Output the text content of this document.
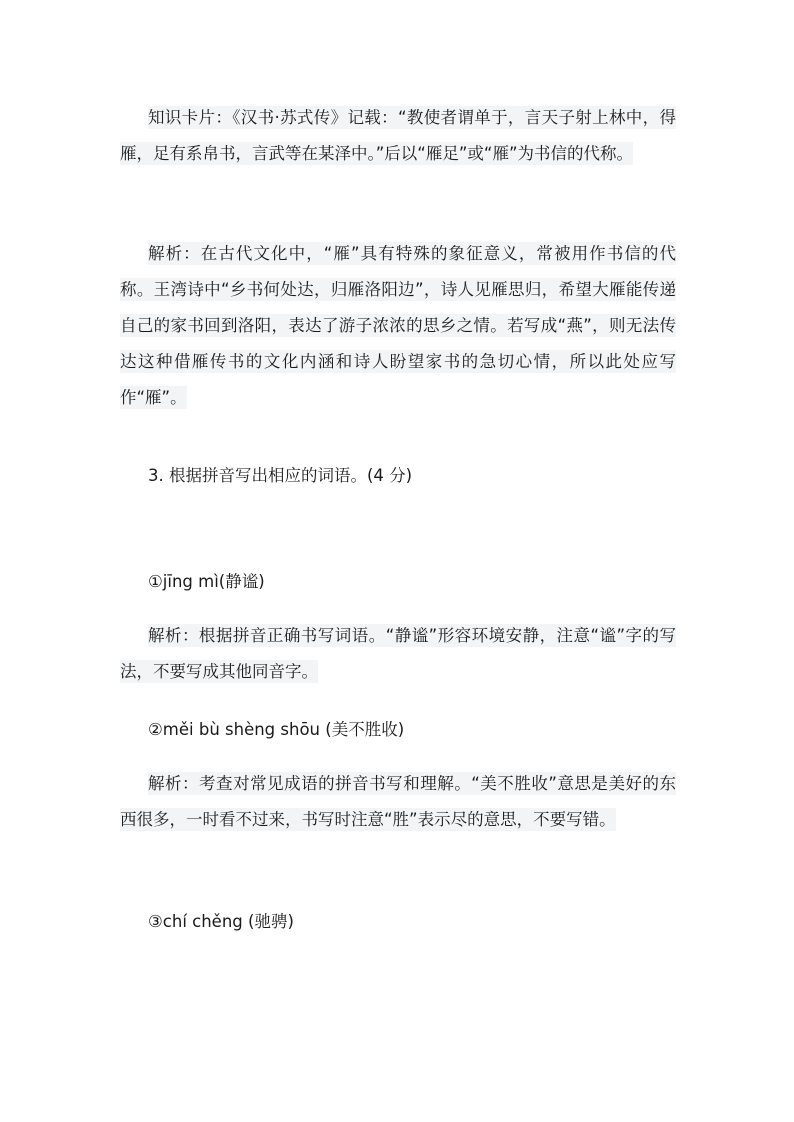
知识卡片：《汉书·苏式传》记载：“教使者谓单于，言天子射上林中，得雁，足有系帛书，言武等在某泽中。”后以“雁足”或“雁”为书信的代称。

解析：在古代文化中，“雁”具有特殊的象征意义，常被用作书信的代称。王湾诗中“乡书何处达，归雁洛阳边”，诗人见雁思归，希望大雁能传递自己的家书回到洛阳，表达了游子浓浓的思乡之情。若写成“燕”，则无法传达这种借雁传书的文化内涵和诗人盼望家书的急切心情，所以此处应写作“雁”。

3. 根据拼音写出相应的词语。(4 分)

①jīng mì(静谧)

解析：根据拼音正确书写词语。“静谧”形容环境安静，注意“谧”字的写法，不要写成其他同音字。

②měi bù shèng shōu (美不胜收)

解析：考查对常见成语的拼音书写和理解。“美不胜收”意思是美好的东西很多，一时看不过来，书写时注意“胜”表示尽的意思，不要写错。

③chí chěng (驰骋)
